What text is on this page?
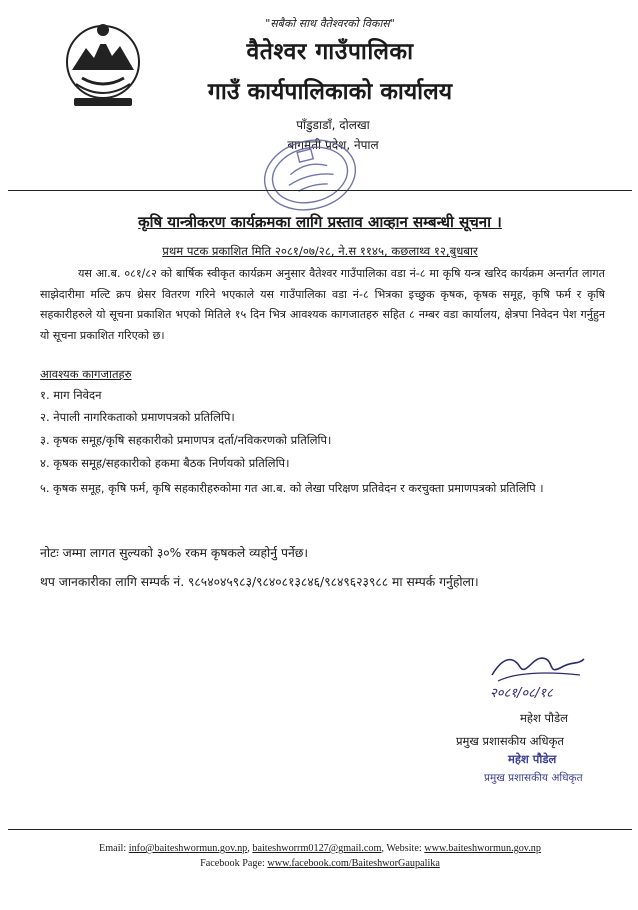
"सबैको साथ वैतेश्वरको विकास"
वैतेश्वर गाउँपालिका
गाउँ कार्यपालिकाको कार्यालय
पाँडुडाडाँ, दोलखा
बागमती प्रदेश, नेपाल
कृषि यान्त्रीकरण कार्यक्रमका लागि प्रस्ताव आव्हान सम्बन्धी सूचना ।
प्रथम पटक प्रकाशित मिति २०८१/०७/२८, ने.स ११४५, कछलाथ्व १२,बुधबार
यस आ.ब. ०८१/८२ को बार्षिक स्वीकृत कार्यक्रम अनुसार वैतेश्वर गाउँपालिका वडा नं-८ मा कृषि यन्त्र खरिद कार्यक्रम अन्तर्गत लागत साझेदारीमा मल्टि क्रप थ्रेसर वितरण गरिने भएकाले यस गाउँपालिका वडा नं-८ भित्रका इच्छुक कृषक, कृषक समूह, कृषि फर्म र कृषि सहकारीहरुले यो सूचना प्रकाशित भएको मितिले १५ दिन भित्र आवश्यक कागजातहरु सहित ८ नम्बर वडा कार्यालय, क्षेत्रपा निवेदन पेश गर्नुहुन यो सूचना प्रकाशित गरिएको छ।
आवश्यक कागजातहरु
१. माग निवेदन
२. नेपाली नागरिकताको प्रमाणपत्रको प्रतिलिपि।
३. कृषक समूह/कृषि सहकारीको प्रमाणपत्र दर्ता/नविकरणको प्रतिलिपि।
४. कृषक समूह/सहकारीको हकमा बैठक निर्णयको प्रतिलिपि।
५. कृषक समूह, कृषि फर्म, कृषि सहकारीहरुकोमा गत आ.ब. को लेखा परिक्षण प्रतिवेदन र करचुक्ता प्रमाणपत्रको प्रतिलिपि ।
नोटः जम्मा लागत सुल्यको ३०% रकम कृषकले व्यहोर्नु पर्नेछ।
थप जानकारीका लागि सम्पर्क नं. ९८५४०४५९८३/९८४०८१३८४६/९८४९६२३९८८ मा सम्पर्क गर्नुहोला।
२०८१/०८/१८
महेश पौडेल
प्रमुख प्रशासकीय अधिकृत
महेश पौडेल
प्रमुख प्रशासकीय अधिकृत
Email: info@baiteshwormun.gov.np, baiteshworrm0127@gmail.com, Website: www.baiteshwormun.gov.np
Facebook Page: www.facebook.com/BaiteshworGaupalika
